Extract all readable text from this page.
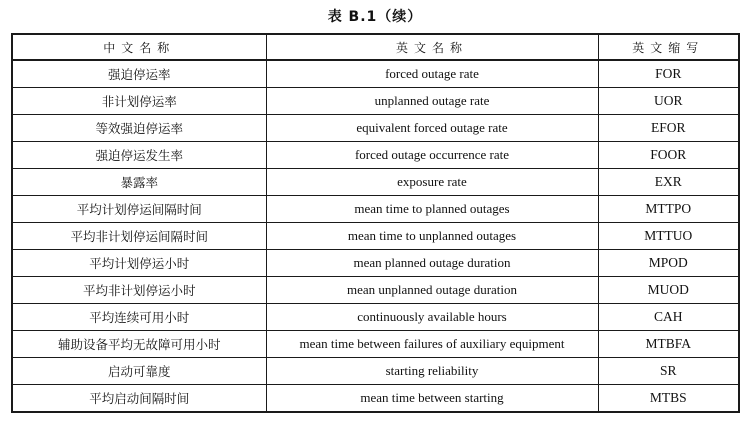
表 B.1（续）
中文名称	英文名称	英文缩写
强迫停运率	forced outage rate	FOR
非计划停运率	unplanned outage rate	UOR
等效强迫停运率	equivalent forced outage rate	EFOR
强迫停运发生率	forced outage occurrence rate	FOOR
暴露率	exposure rate	EXR
平均计划停运间隔时间	mean time to planned outages	MTTPO
平均非计划停运间隔时间	mean time to unplanned outages	MTTUO
平均计划停运小时	mean planned outage duration	MPOD
平均非计划停运小时	mean unplanned outage duration	MUOD
平均连续可用小时	continuously available hours	CAH
辅助设备平均无故障可用小时	mean time between failures of auxiliary equipment	MTBFA
启动可靠度	starting reliability	SR
平均启动间隔时间	mean time between starting	MTBS
